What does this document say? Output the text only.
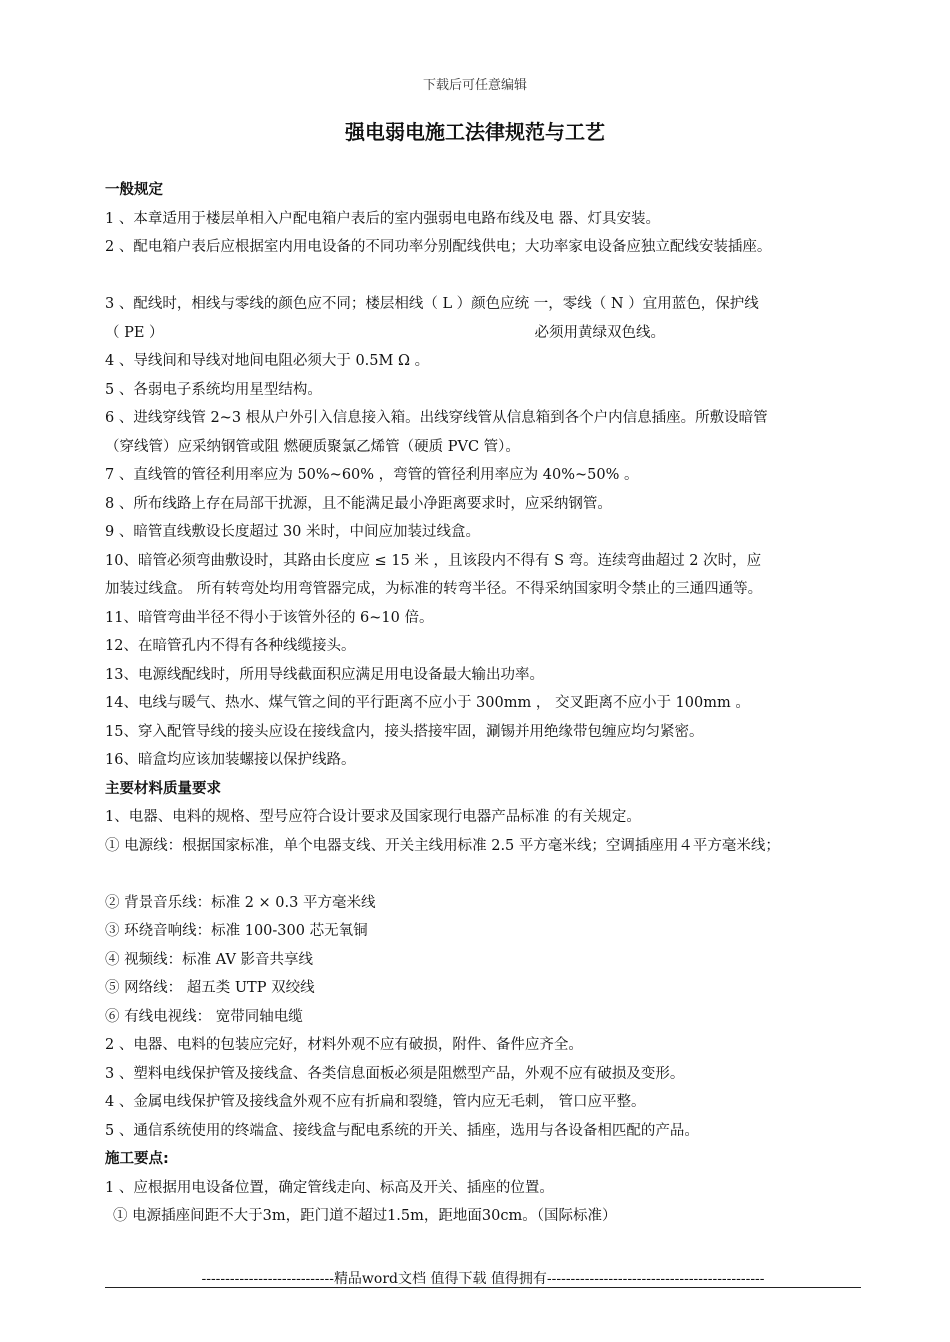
下载后可任意编辑
强电弱电施工法律规范与工艺
一般规定
1 、本章适用于楼层单相入户配电箱户表后的室内强弱电电路布线及电 器、灯具安装。
2 、配电箱户表后应根据室内用电设备的不同功率分别配线供电；大功率家电设备应独立配线安装插座。
3 、配线时，相线与零线的颜色应不同；楼层相线（ L ）颜色应统 一，零线（ N ）宜用蓝色，保护线
（ PE ）	必须用黄绿双色线。
4 、导线间和导线对地间电阻必须大于 0.5M Ω 。
5 、各弱电子系统均用星型结构。
6 、进线穿线管 2~3 根从户外引入信息接入箱。出线穿线管从信息箱到各个户内信息插座。所敷设暗管
（穿线管）应采纳钢管或阻 燃硬质聚氯乙烯管（硬质 PVC 管）。
7 、直线管的管径利用率应为 50%~60% ，弯管的管径利用率应为 40%~50% 。
8 、所布线路上存在局部干扰源，且不能满足最小净距离要求时，应采纳钢管。
9 、暗管直线敷设长度超过 30 米时，中间应加装过线盒。
10、暗管必须弯曲敷设时，其路由长度应 ≤ 15 米 ，且该段内不得有 S 弯。连续弯曲超过 2 次时，应
加装过线盒。 所有转弯处均用弯管器完成，为标准的转弯半径。不得采纳国家明令禁止的三通四通等。
11、暗管弯曲半径不得小于该管外径的 6~10 倍。
12、在暗管孔内不得有各种线缆接头。
13、电源线配线时，所用导线截面积应满足用电设备最大输出功率。
14、电线与暖气、热水、煤气管之间的平行距离不应小于 300mm ， 交叉距离不应小于 100mm 。
15、穿入配管导线的接头应设在接线盒内，接头搭接牢固，涮锡并用绝缘带包缠应均匀紧密。
16、暗盒均应该加装螺接以保护线路。
主要材料质量要求
1、电器、电料的规格、型号应符合设计要求及国家现行电器产品标准 的有关规定。
① 电源线：根据国家标准，单个电器支线、开关主线用标准 2.5 平方毫米线；空调插座用４平方毫米线；
② 背景音乐线：标准 2 × 0.3 平方毫米线
③ 环绕音响线：标准 100-300 芯无氧铜
④ 视频线：标准 AV 影音共享线
⑤ 网络线： 超五类 UTP 双绞线
⑥ 有线电视线： 宽带同轴电缆
2 、电器、电料的包装应完好，材料外观不应有破损，附件、备件应齐全。
3 、塑料电线保护管及接线盒、各类信息面板必须是阻燃型产品，外观不应有破损及变形。
4 、金属电线保护管及接线盒外观不应有折扁和裂缝，管内应无毛刺， 管口应平整。
5 、通信系统使用的终端盒、接线盒与配电系统的开关、插座，选用与各设备相匹配的产品。
施工要点:
1 、应根据用电设备位置，确定管线走向、标高及开关、插座的位置。
① 电源插座间距不大于3m，距门道不超过1.5m，距地面30cm。（国际标准）
----------------------------精品word文档 值得下载 值得拥有----------------------------------------------
